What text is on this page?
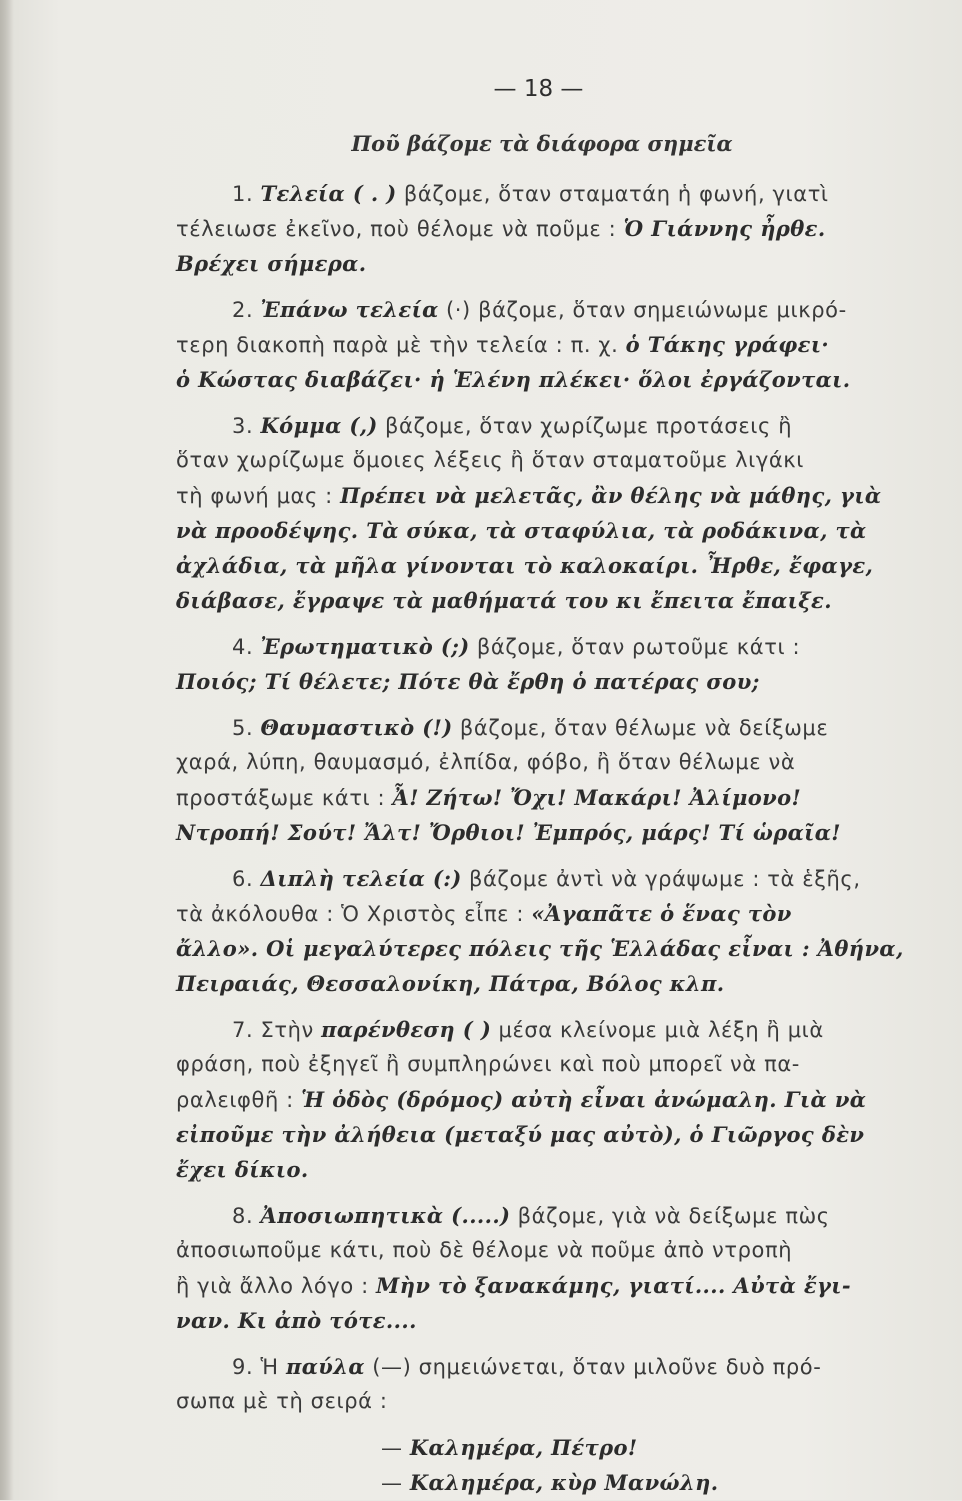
— 18 —
Ποῦ βάζομε τὰ διάφορα σημεῖα
1. Τελεία ( . ) βάζομε, ὅταν σταματάη ἡ φωνή, γιατὶ
τέλειωσε ἐκεῖνο, ποὺ θέλομε νὰ ποῦμε : Ὁ Γιάννης ἦρθε.
Βρέχει σήμερα.
2. Ἐπάνω τελεία (·) βάζομε, ὅταν σημειώνωμε μικρό-
τερη διακοπὴ παρὰ μὲ τὴν τελεία : π. χ. ὁ Τάκης γράφει·
ὁ Κώστας διαβάζει· ἡ Ἑλένη πλέκει· ὅλοι ἐργάζονται.
3. Κόμμα (,) βάζομε, ὅταν χωρίζωμε προτάσεις ἢ
ὅταν χωρίζωμε ὅμοιες λέξεις ἢ ὅταν σταματοῦμε λιγάκι
τὴ φωνή μας : Πρέπει νὰ μελετᾶς, ἂν θέλης νὰ μάθης, γιὰ
νὰ προοδέψης. Τὰ σύκα, τὰ σταφύλια, τὰ ροδάκινα, τὰ
ἀχλάδια, τὰ μῆλα γίνονται τὸ καλοκαίρι. Ἦρθε, ἔφαγε,
διάβασε, ἔγραψε τὰ μαθήματά του κι ἔπειτα ἔπαιξε.
4. Ἐρωτηματικὸ (;) βάζομε, ὅταν ρωτοῦμε κάτι :
Ποιός; Τί θέλετε; Πότε θὰ ἔρθη ὁ πατέρας σου;
5. Θαυμαστικὸ (!) βάζομε, ὅταν θέλωμε νὰ δείξωμε
χαρά, λύπη, θαυμασμό, ἐλπίδα, φόβο, ἢ ὅταν θέλωμε νὰ
προστάξωμε κάτι : Ἆ! Ζήτω! Ὄχι! Μακάρι! Ἀλίμονο!
Ντροπή! Σούτ! Ἄλτ! Ὄρθιοι! Ἐμπρός, μάρς! Τί ὡραῖα!
6. Διπλὴ τελεία (:) βάζομε ἀντὶ νὰ γράψωμε : τὰ ἑξῆς,
τὰ ἀκόλουθα : Ὁ Χριστὸς εἶπε : «Ἀγαπᾶτε ὁ ἕνας τὸν
ἄλλο». Οἱ μεγαλύτερες πόλεις τῆς Ἑλλάδας εἶναι : Ἀθήνα,
Πειραιάς, Θεσσαλονίκη, Πάτρα, Βόλος κλπ.
7. Στὴν παρένθεση ( ) μέσα κλείνομε μιὰ λέξη ἢ μιὰ
φράση, ποὺ ἐξηγεῖ ἢ συμπληρώνει καὶ ποὺ μπορεῖ νὰ πα-
ραλειφθῆ : Ἡ ὁδὸς (δρόμος) αὐτὴ εἶναι ἀνώμαλη. Γιὰ νὰ
εἰποῦμε τὴν ἀλήθεια (μεταξύ μας αὐτὸ), ὁ Γιῶργος δὲν
ἔχει δίκιο.
8. Ἀποσιωπητικὰ (.....) βάζομε, γιὰ νὰ δείξωμε πὼς
ἀποσιωποῦμε κάτι, ποὺ δὲ θέλομε νὰ ποῦμε ἀπὸ ντροπὴ
ἢ γιὰ ἄλλο λόγο : Μὴν τὸ ξανακάμης, γιατί.... Αὐτὰ ἔγι-
ναν. Κι ἀπὸ τότε....
9. Ἡ παύλα (—) σημειώνεται, ὅταν μιλοῦνε δυὸ πρό-
σωπα μὲ τὴ σειρά :
— Καλημέρα, Πέτρο!
— Καλημέρα, κὺρ Μανώλη.
